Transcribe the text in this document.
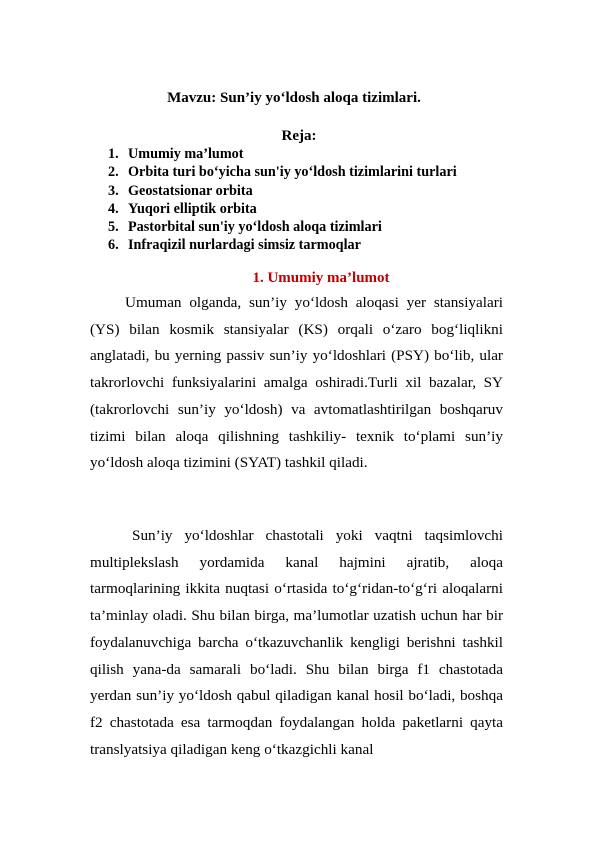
Mavzu: Sun’iy yo‘ldosh aloqa tizimlari.
Reja:
1. Umumiy ma’lumot
2. Orbita turi bo‘yicha sun'iy yo‘ldosh tizimlarini turlari
3. Geostatsionar orbita
4. Yuqori elliptik orbita
5. Pastorbital sun'iy yo‘ldosh aloqa tizimlari
6. Infraqizil nurlardagi simsiz tarmoqlar
1. Umumiy ma’lumot

Umuman olganda, sun’iy yo‘ldosh aloqasi yer stansiyalari (YS) bilan kosmik stansiyalar (KS) orqali o‘zaro bog‘liqlikni anglatadi, bu yerning passiv sun’iy yo‘ldoshlari (PSY) bo‘lib, ular takrorlovchi funksiyalarini amalga oshiradi.Turli xil bazalar, SY (takrorlovchi sun’iy yo‘ldosh) va avtomatlashtirilgan boshqaruv tizimi bilan aloqa qilishning tashkiliy- texnik to‘plami sun’iy yo‘ldosh aloqa tizimini (SYAT) tashkil qiladi.

Sun’iy yo‘ldoshlar chastotali yoki vaqtni taqsimlovchi multiplekslash yordamida kanal hajmini ajratib, aloqa tarmoqlarining ikkita nuqtasi o‘rtasida to‘g‘ridan-to‘g‘ri aloqalarni ta’minlay oladi. Shu bilan birga, ma’lumotlar uzatish uchun har bir foydalanuvchiga barcha o‘tkazuvchanlik kengligi berishni tashkil qilish yana-da samarali bo‘ladi. Shu bilan birga f1 chastotada yerdan sun’iy yo‘ldosh qabul qiladigan kanal hosil bo‘ladi, boshqa f2 chastotada esa tarmoqdan foydalangan holda paketlarni qayta translyatsiya qiladigan keng o‘tkazgichli kanal
